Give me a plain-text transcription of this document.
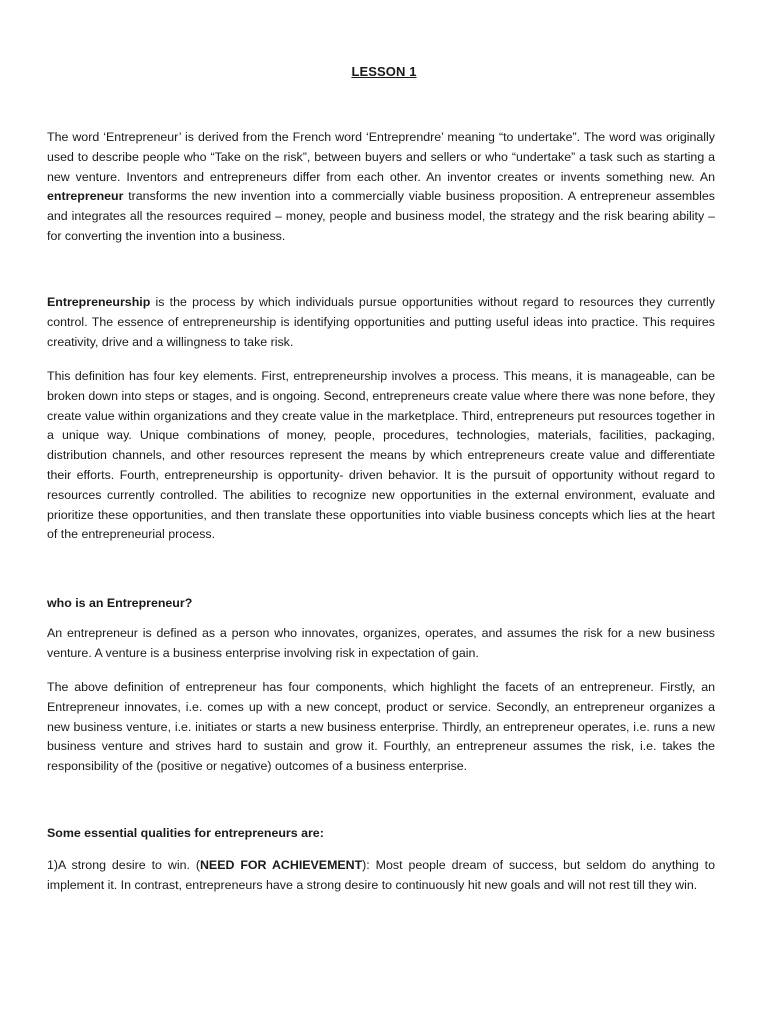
LESSON 1

The word ‘Entrepreneur’ is derived from the French word ‘Entreprendre’ meaning “to undertake”. The word was originally used to describe people who “Take on the risk”, between buyers and sellers or who “undertake” a task such as starting a new venture. Inventors and entrepreneurs differ from each other. An inventor creates or invents something new. An entrepreneur transforms the new invention into a commercially viable business proposition. A entrepreneur assembles and integrates all the resources required – money, people and business model, the strategy and the risk bearing ability – for converting the invention into a business.

Entrepreneurship is the process by which individuals pursue opportunities without regard to resources they currently control. The essence of entrepreneurship is identifying opportunities and putting useful ideas into practice. This requires creativity, drive and a willingness to take risk.

This definition has four key elements. First, entrepreneurship involves a process. This means, it is manageable, can be broken down into steps or stages, and is ongoing. Second, entrepreneurs create value where there was none before, they create value within organizations and they create value in the marketplace. Third, entrepreneurs put resources together in a unique way. Unique combinations of money, people, procedures, technologies, materials, facilities, packaging, distribution channels, and other resources represent the means by which entrepreneurs create value and differentiate their efforts. Fourth, entrepreneurship is opportunity- driven behavior. It is the pursuit of opportunity without regard to resources currently controlled. The abilities to recognize new opportunities in the external environment, evaluate and prioritize these opportunities, and then translate these opportunities into viable business concepts which lies at the heart of the entrepreneurial process.

who is an Entrepreneur?

An entrepreneur is defined as a person who innovates, organizes, operates, and assumes the risk for a new business venture. A venture is a business enterprise involving risk in expectation of gain.

The above definition of entrepreneur has four components, which highlight the facets of an entrepreneur. Firstly, an Entrepreneur innovates, i.e. comes up with a new concept, product or service. Secondly, an entrepreneur organizes a new business venture, i.e. initiates or starts a new business enterprise. Thirdly, an entrepreneur operates, i.e. runs a new business venture and strives hard to sustain and grow it. Fourthly, an entrepreneur assumes the risk, i.e. takes the responsibility of the (positive or negative) outcomes of a business enterprise.

Some essential qualities for entrepreneurs are:

1)A strong desire to win. (NEED FOR ACHIEVEMENT): Most people dream of success, but seldom do anything to implement it. In contrast, entrepreneurs have a strong desire to continuously hit new goals and will not rest till they win.
